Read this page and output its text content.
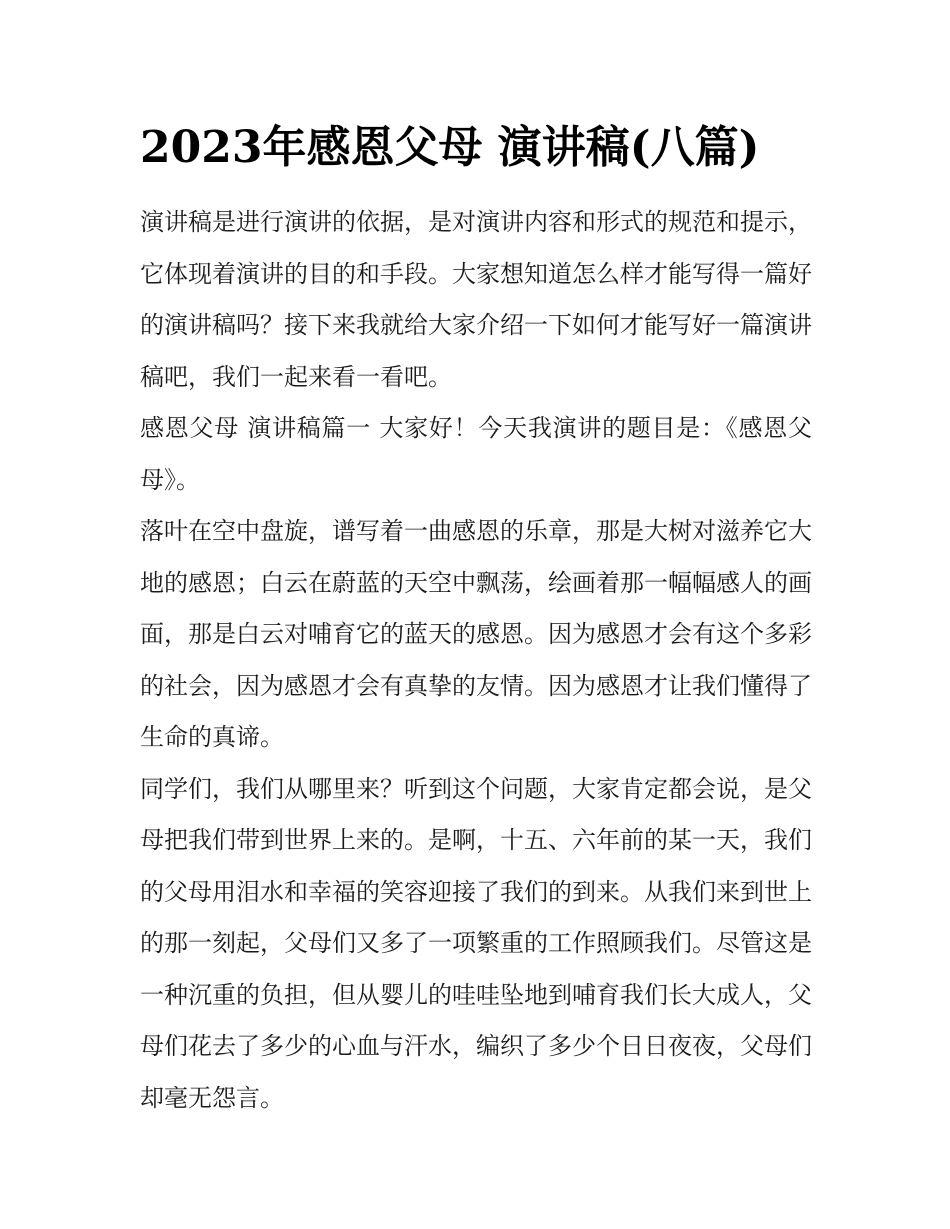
2023年感恩父母 演讲稿(八篇)

演讲稿是进行演讲的依据，是对演讲内容和形式的规范和提示，它体现着演讲的目的和手段。大家想知道怎么样才能写得一篇好的演讲稿吗？接下来我就给大家介绍一下如何才能写好一篇演讲稿吧，我们一起来看一看吧。

感恩父母 演讲稿篇一 大家好！今天我演讲的题目是：《感恩父母》。

落叶在空中盘旋，谱写着一曲感恩的乐章，那是大树对滋养它大地的感恩；白云在蔚蓝的天空中飘荡，绘画着那一幅幅感人的画面，那是白云对哺育它的蓝天的感恩。因为感恩才会有这个多彩的社会，因为感恩才会有真挚的友情。因为感恩才让我们懂得了生命的真谛。

同学们，我们从哪里来？听到这个问题，大家肯定都会说，是父母把我们带到世界上来的。是啊，十五、六年前的某一天，我们的父母用泪水和幸福的笑容迎接了我们的到来。从我们来到世上的那一刻起，父母们又多了一项繁重的工作照顾我们。尽管这是一种沉重的负担，但从婴儿的哇哇坠地到哺育我们长大成人，父母们花去了多少的心血与汗水，编织了多少个日日夜夜，父母们却毫无怨言。
